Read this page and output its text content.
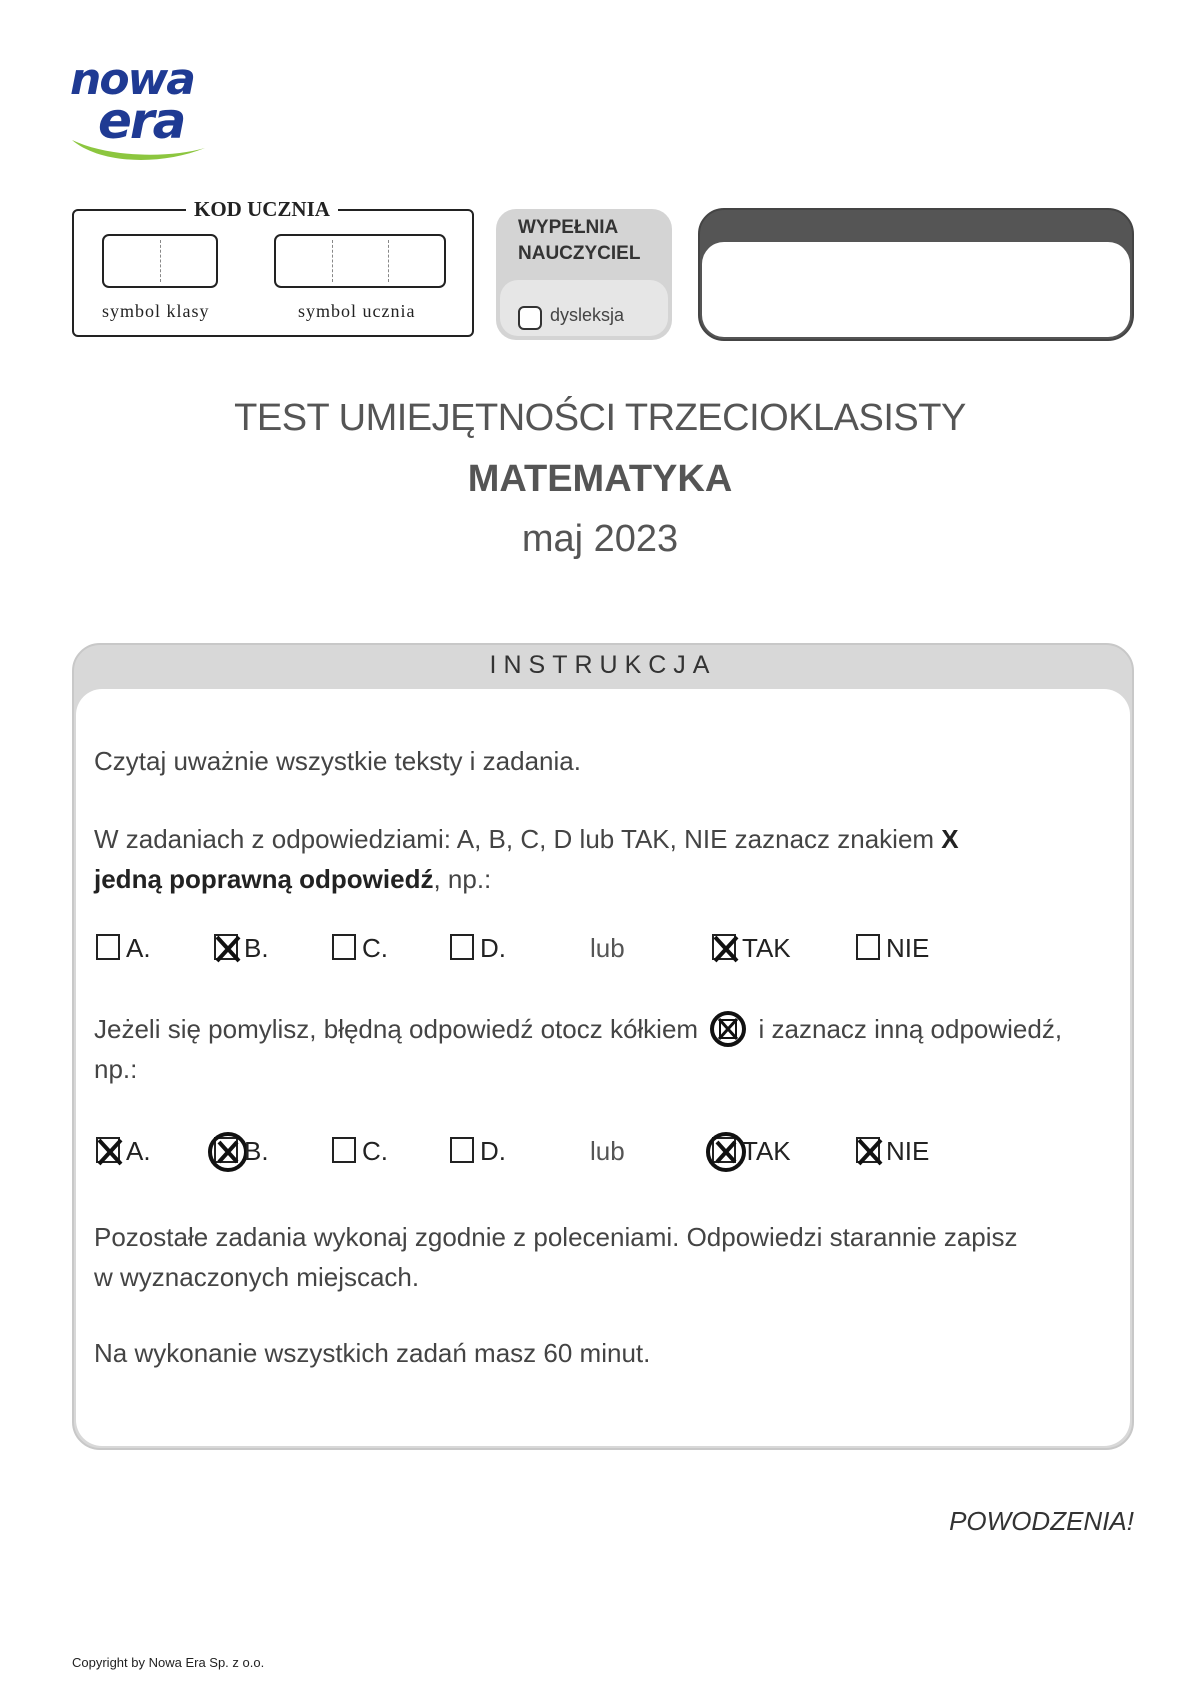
nowa
era
KOD UCZNIA
symbol klasy	symbol ucznia
WYPEŁNIA
NAUCZYCIEL
dysleksja
TEST UMIEJĘTNOŚCI TRZECIOKLASISTY
MATEMATYKA
maj 2023
INSTRUKCJA
Czytaj uważnie wszystkie teksty i zadania.
W zadaniach z odpowiedziami: A, B, C, D lub TAK, NIE zaznacz znakiem X
jedną poprawną odpowiedź, np.:
A.	B.	C.	D.	lub	TAK	NIE
Jeżeli się pomylisz, błędną odpowiedź otocz kółkiem  i zaznacz inną odpowiedź,
np.:
A.	B.	C.	D.	lub	TAK	NIE
Pozostałe zadania wykonaj zgodnie z poleceniami. Odpowiedzi starannie zapisz
w wyznaczonych miejscach.
Na wykonanie wszystkich zadań masz 60 minut.
POWODZENIA!
Copyright by Nowa Era Sp. z o.o.
